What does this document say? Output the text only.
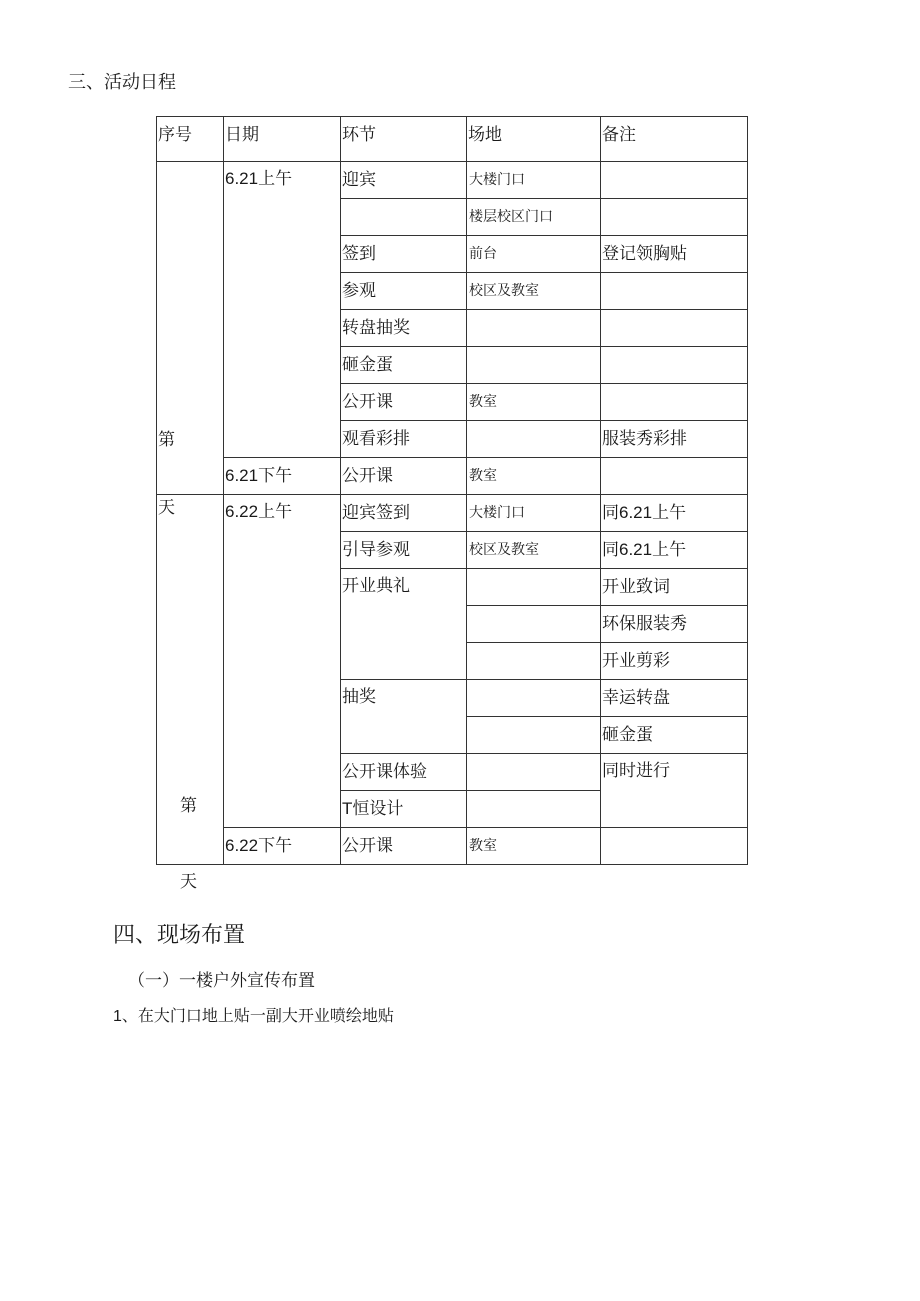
三、活动日程
序号	日期	环节	场地	备注

第
天	6.21上午	迎宾	大楼门口	
			楼层校区门口	
		签到	前台	登记领胸贴
		参观	校区及教室	
		转盘抽奖		
		砸金蛋		
		公开课	教室	
		观看彩排		服装秀彩排
	6.21下午	公开课	教室	

第
天	6.22上午	迎宾签到	大楼门口	同6.21上午
		引导参观	校区及教室	同6.21上午
		开业典礼		开业致词
				环保服装秀
				开业剪彩
		抽奖		幸运转盘
				砸金蛋
		公开课体验		同时进行
		T恒设计		
	6.22下午	公开课	教室	
四、现场布置
（一）一楼户外宣传布置
1、在大门口地上贴一副大开业喷绘地贴
